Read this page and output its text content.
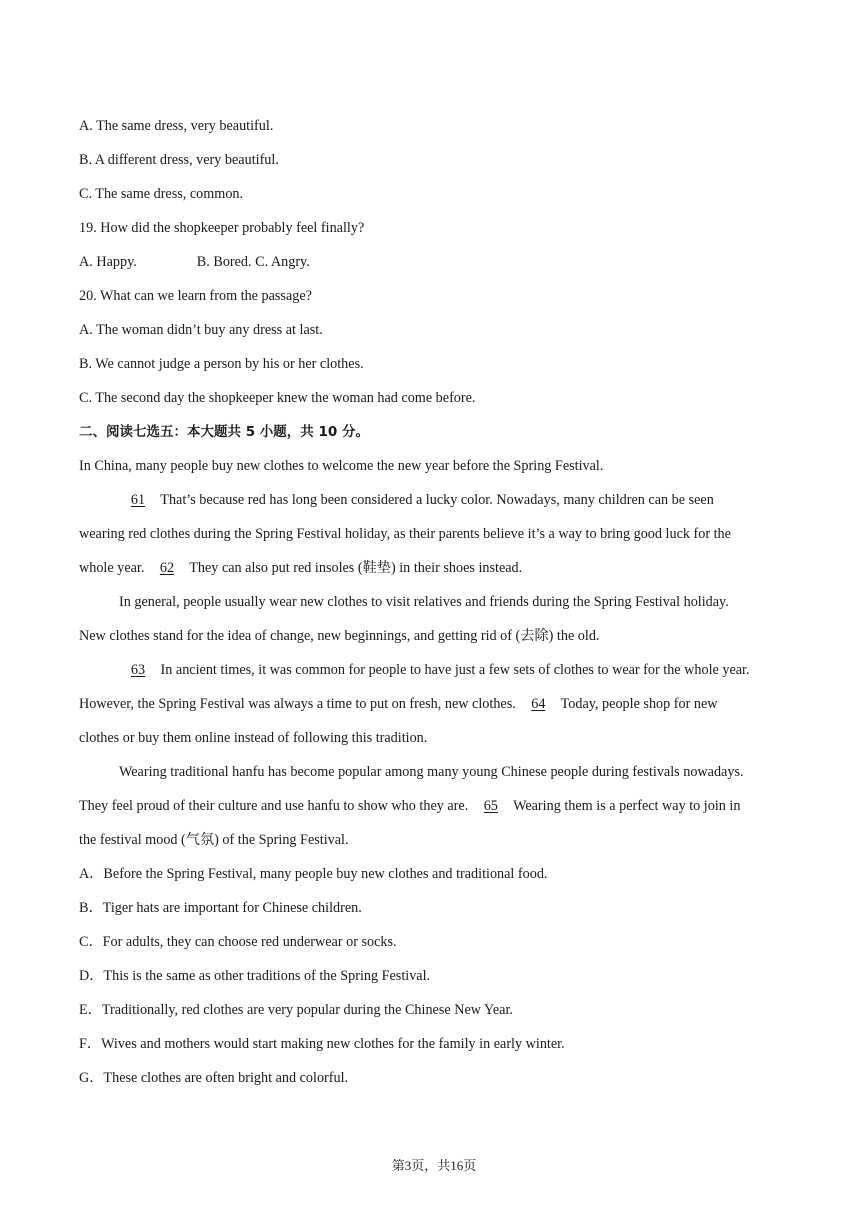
A. The same dress, very beautiful.

B. A different dress, very beautiful.

C. The same dress, common.

19. How did the shopkeeper probably feel finally?

A. Happy.	B. Bored. C. Angry.

20. What can we learn from the passage?

A. The woman didn’t buy any dress at last.

B. We cannot judge a person by his or her clothes.

C. The second day the shopkeeper knew the woman had come before.

二、阅读七选五：本大题共 5 小题，共 10 分。

In China, many people buy new clothes to welcome the new year before the Spring Festival.

61 That’s because red has long been considered a lucky color. Nowadays, many children can be seen

wearing red clothes during the Spring Festival holiday, as their parents believe it’s a way to bring good luck for the

whole year. 62 They can also put red insoles (鞋垫) in their shoes instead.

In general, people usually wear new clothes to visit relatives and friends during the Spring Festival holiday.

New clothes stand for the idea of change, new beginnings, and getting rid of (去除) the old.

63 In ancient times, it was common for people to have just a few sets of clothes to wear for the whole year.

However, the Spring Festival was always a time to put on fresh, new clothes. 64 Today, people shop for new

clothes or buy them online instead of following this tradition.

Wearing traditional hanfu has become popular among many young Chinese people during festivals nowadays.

They feel proud of their culture and use hanfu to show who they are. 65 Wearing them is a perfect way to join in

the festival mood (气氛) of the Spring Festival.

A．Before the Spring Festival, many people buy new clothes and traditional food.

B．Tiger hats are important for Chinese children.

C．For adults, they can choose red underwear or socks.

D．This is the same as other traditions of the Spring Festival.

E．Traditionally, red clothes are very popular during the Chinese New Year.

F．Wives and mothers would start making new clothes for the family in early winter.

G．These clothes are often bright and colorful.

第3页，共16页
